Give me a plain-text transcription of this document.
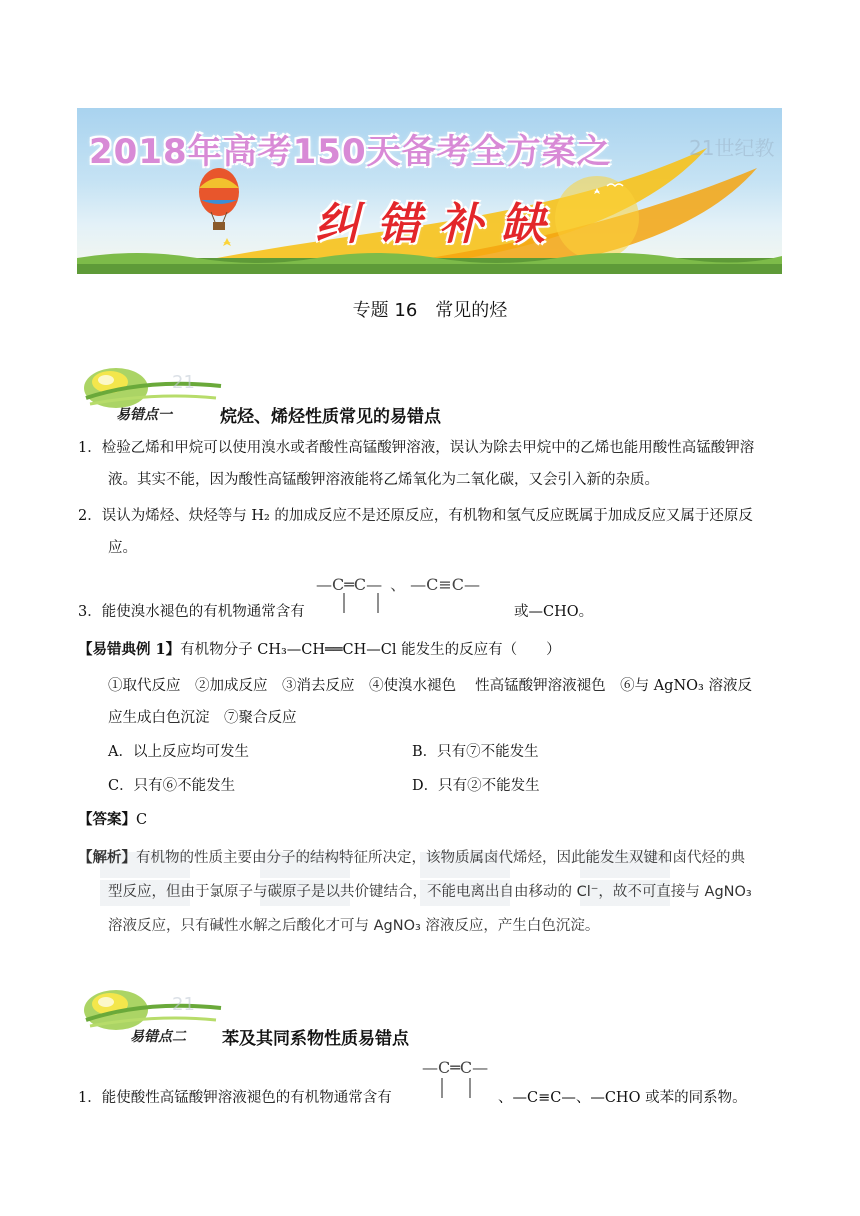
21世纪教
2018年高考150天备考全方案之
纠错补缺
专题 16　常见的烃
21
易错点一	烷烃、烯烃性质常见的易错点
1．检验乙烯和甲烷可以使用溴水或者酸性高锰酸钾溶液，误认为除去甲烷中的乙烯也能用酸性高锰酸钾溶
液。其实不能，因为酸性高锰酸钾溶液能将乙烯氧化为二氧化碳，又会引入新的杂质。
2．误认为烯烃、炔烃等与 H₂ 的加成反应不是还原反应，有机物和氢气反应既属于加成反应又属于还原反
应。
—C═C— 、 —C≡C—
3．能使溴水褪色的有机物通常含有	或—CHO。
【易错典例 1】有机物分子 CH₃—CH══CH—Cl 能发生的反应有（　　）
①取代反应　②加成反应　③消去反应　④使溴水褪色　 性高锰酸钾溶液褪色　⑥与 AgNO₃ 溶液反
应生成白色沉淀　⑦聚合反应
A．以上反应均可发生	B．只有⑦不能发生
C．只有⑥不能发生	D．只有②不能发生
【答案】C
【解析】有机物的性质主要由分子的结构特征所决定，该物质属卤代烯烃，因此能发生双键和卤代烃的典
型反应，但由于氯原子与碳原子是以共价键结合，不能电离出自由移动的 Cl⁻，故不可直接与 AgNO₃
溶液反应，只有碱性水解之后酸化才可与 AgNO₃ 溶液反应，产生白色沉淀。
21
易错点二 苯及其同系物性质易错点
—C═C—
1．能使酸性高锰酸钾溶液褪色的有机物通常含有	、—C≡C—、—CHO 或苯的同系物。
